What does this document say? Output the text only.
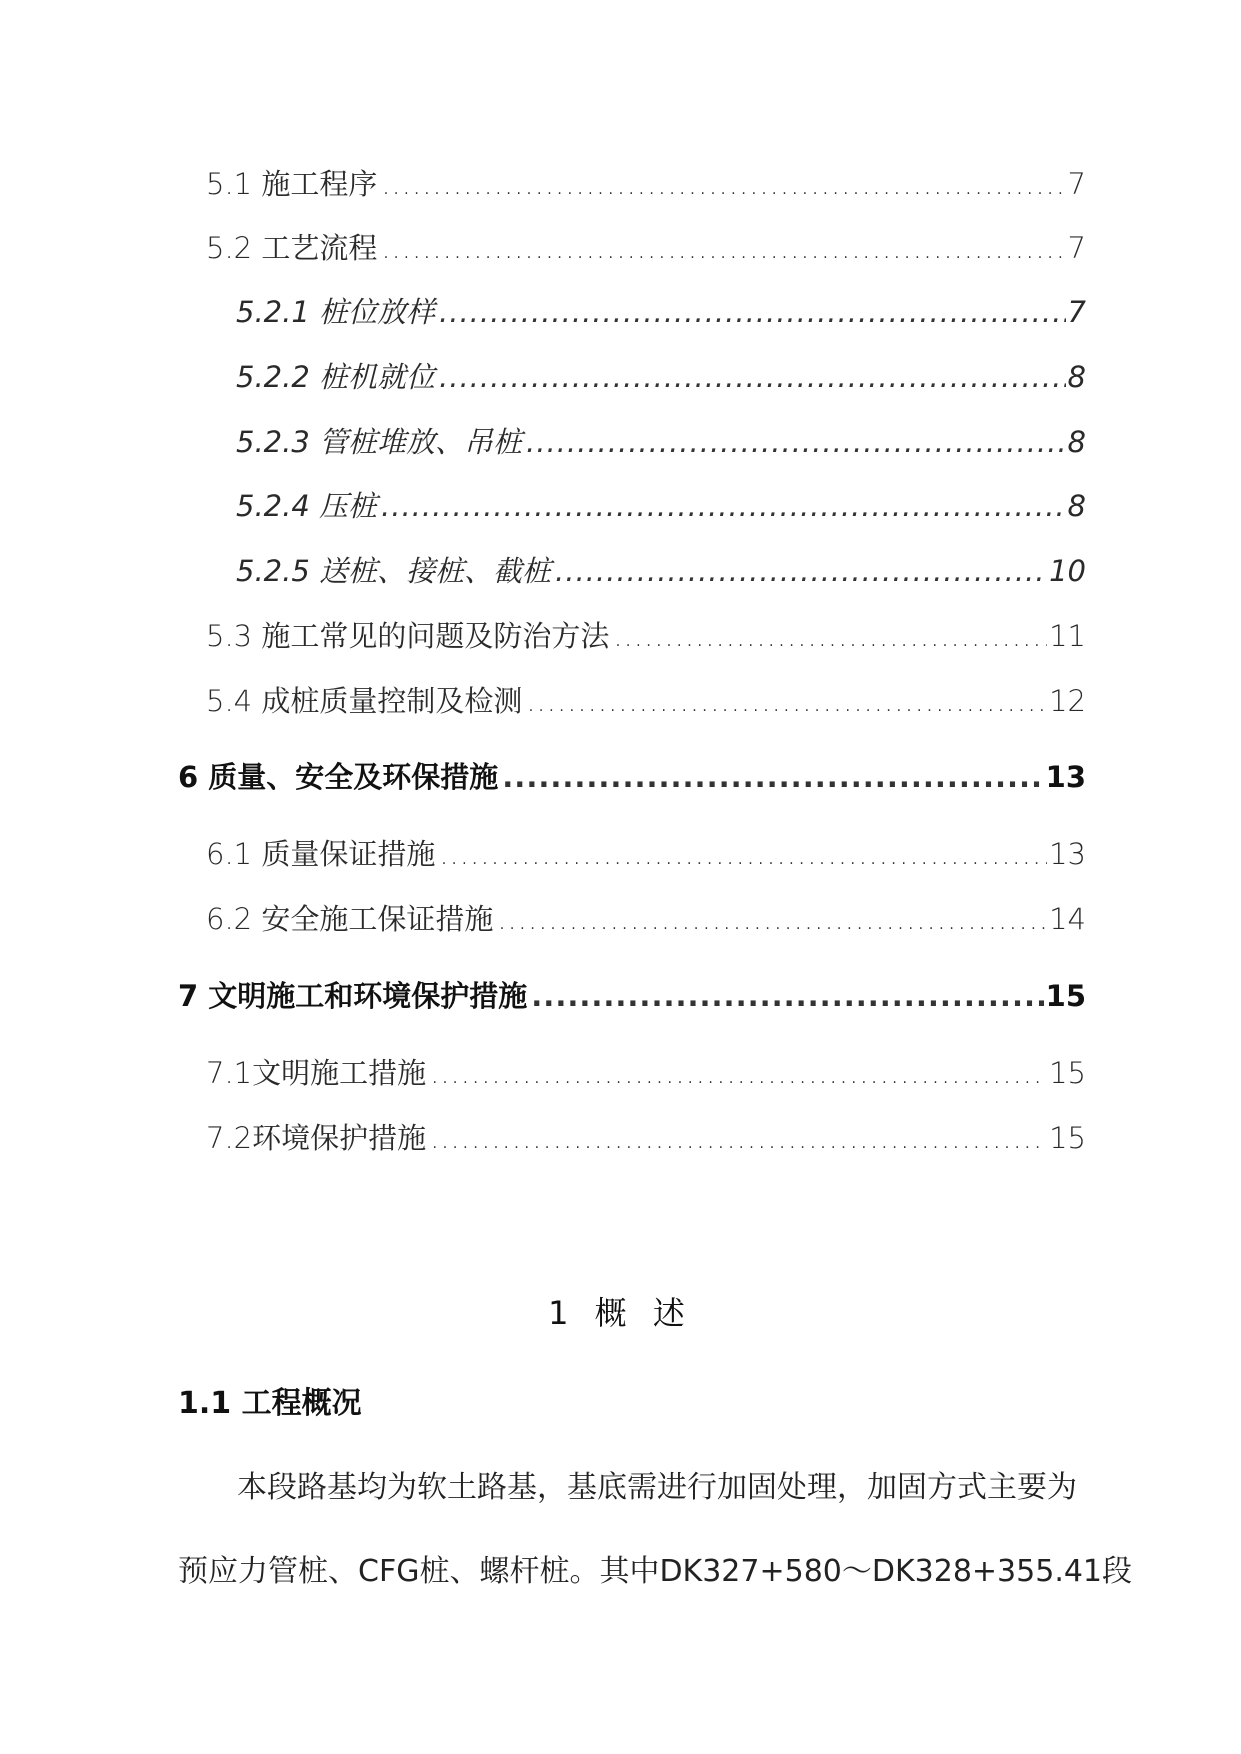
5.1 施工程序 .....	7
5.2 工艺流程 .....	7
5.2.1 桩位放样 .....	7
5.2.2 桩机就位 .....	8
5.2.3 管桩堆放、吊桩 .....	8
5.2.4 压桩 .....	8
5.2.5 送桩、接桩、截桩 .....	10
5.3 施工常见的问题及防治方法 .....	11
5.4 成桩质量控制及检测 .....	12
6 质量、安全及环保措施 .....	13
6.1 质量保证措施 .....	13
6.2 安全施工保证措施 .....	14
7 文明施工和环境保护措施 .....	15
7.1文明施工措施 .....	15
7.2环境保护措施 .....	15
1 概 述
1.1 工程概况
本段路基均为软土路基，基底需进行加固处理，加固方式主要为
预应力管桩、CFG桩、螺杆桩。其中DK327+580～DK328+355.41段
